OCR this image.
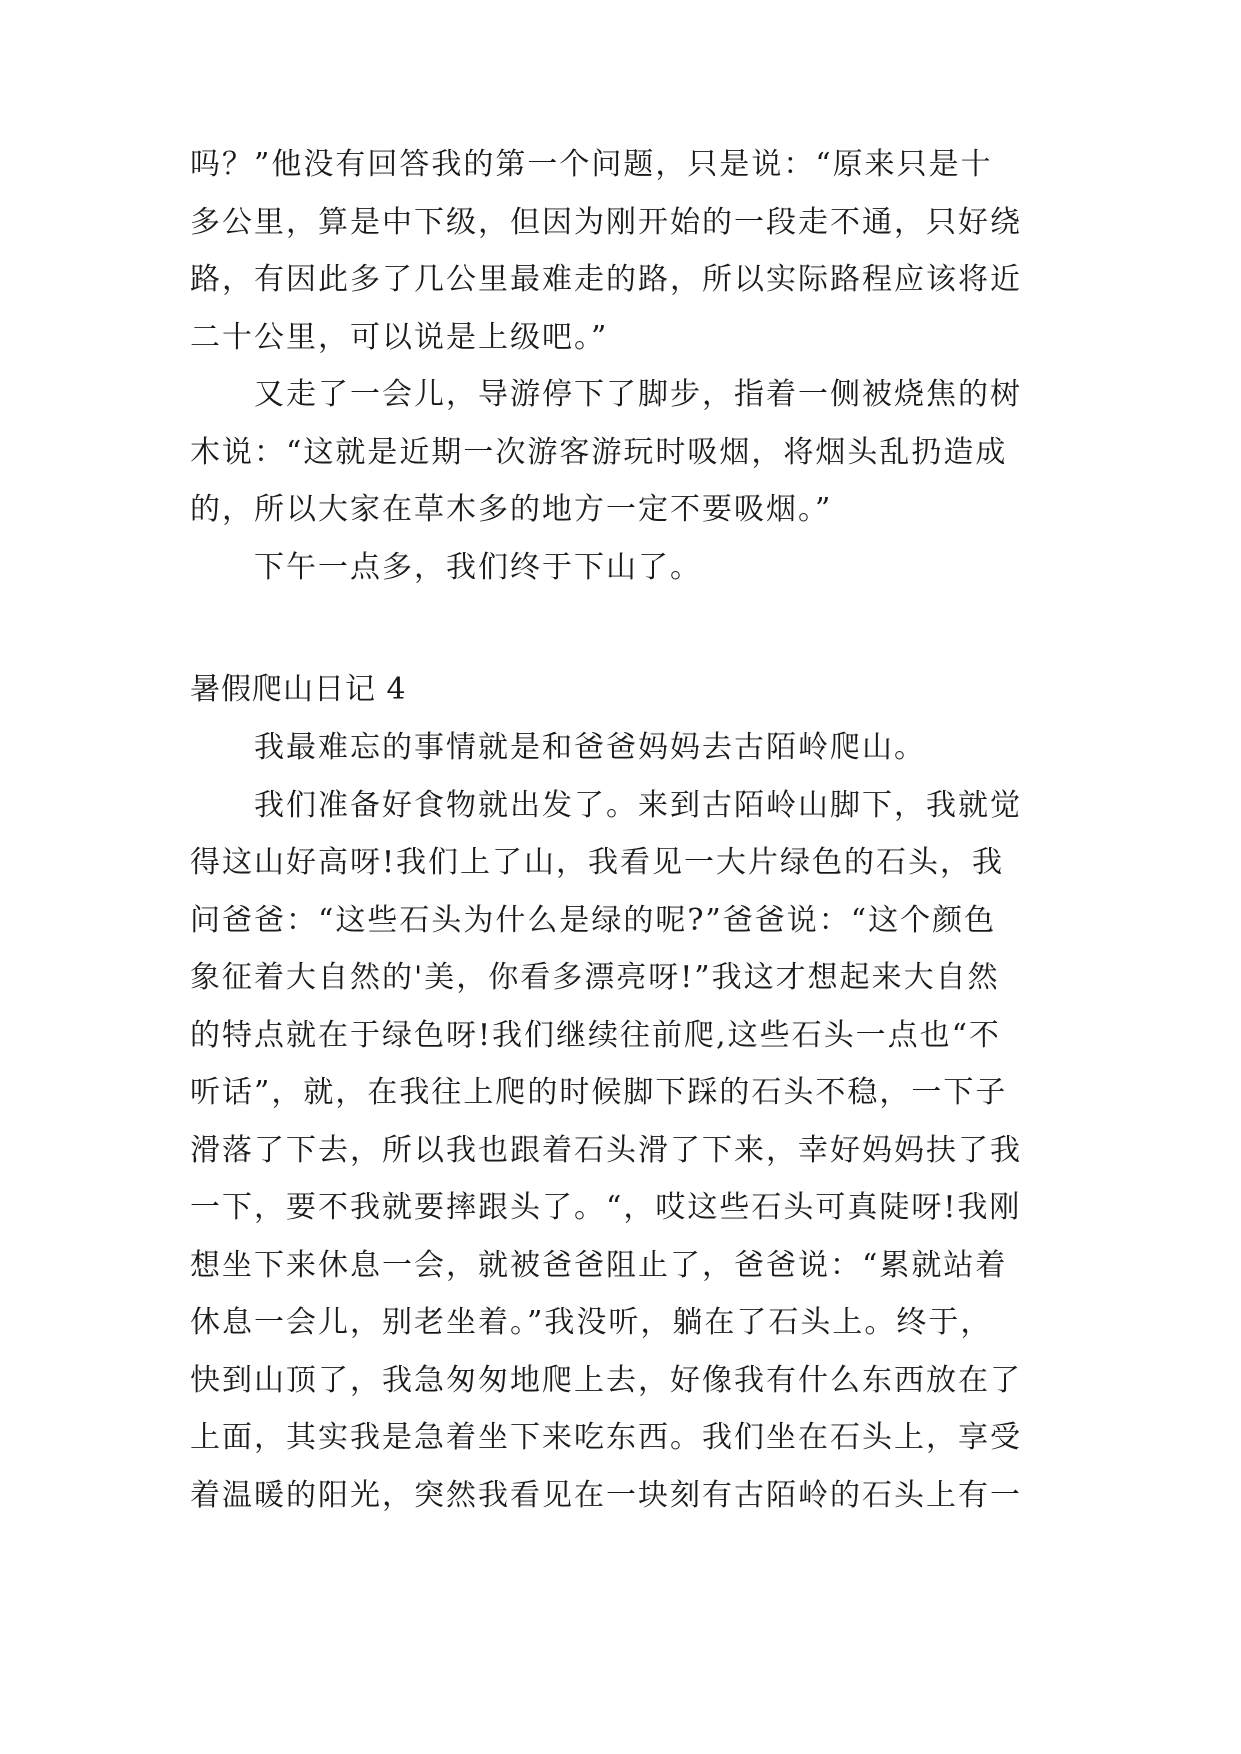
吗？”他没有回答我的第一个问题，只是说：“原来只是十
多公里，算是中下级，但因为刚开始的一段走不通，只好绕
路，有因此多了几公里最难走的路，所以实际路程应该将近
二十公里，可以说是上级吧。”
又走了一会儿，导游停下了脚步，指着一侧被烧焦的树
木说：“这就是近期一次游客游玩时吸烟，将烟头乱扔造成
的，所以大家在草木多的地方一定不要吸烟。”
下午一点多，我们终于下山了。
暑假爬山日记 4
我最难忘的事情就是和爸爸妈妈去古陌岭爬山。
我们准备好食物就出发了。来到古陌岭山脚下，我就觉
得这山好高呀!我们上了山，我看见一大片绿色的石头，我
问爸爸：“这些石头为什么是绿的呢?”爸爸说：“这个颜色
象征着大自然的'美，你看多漂亮呀!”我这才想起来大自然
的特点就在于绿色呀!我们继续往前爬,这些石头一点也“不
听话”，就，在我往上爬的时候脚下踩的石头不稳，一下子
滑落了下去，所以我也跟着石头滑了下来，幸好妈妈扶了我
一下，要不我就要摔跟头了。“，哎这些石头可真陡呀!我刚
想坐下来休息一会，就被爸爸阻止了，爸爸说：“累就站着
休息一会儿，别老坐着。”我没听，躺在了石头上。终于，
快到山顶了，我急匆匆地爬上去，好像我有什么东西放在了
上面，其实我是急着坐下来吃东西。我们坐在石头上，享受
着温暖的阳光，突然我看见在一块刻有古陌岭的石头上有一
